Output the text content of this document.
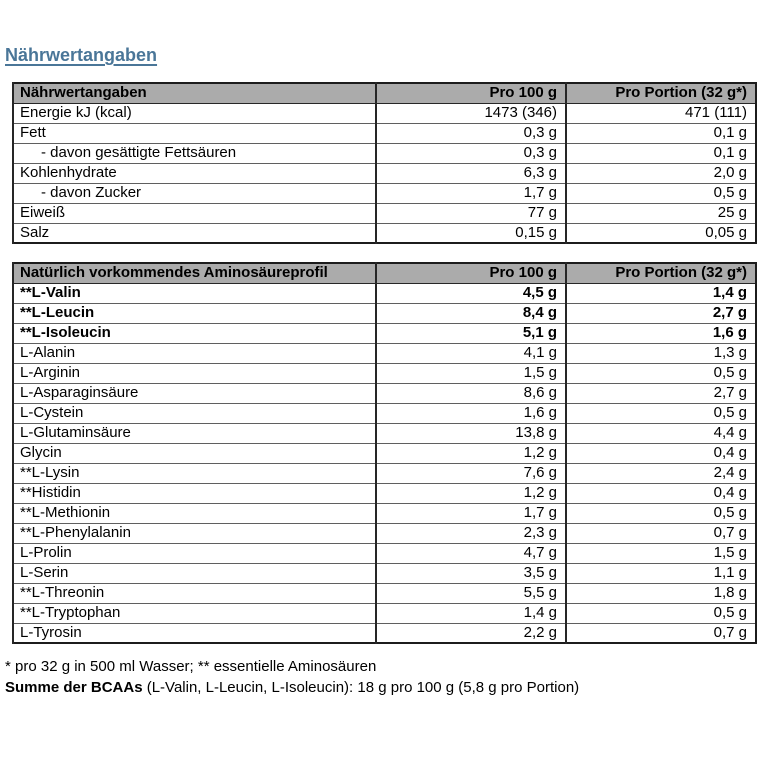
Nährwertangaben
Nährwertangaben	Pro 100 g	Pro Portion (32 g*)
Energie kJ (kcal)	1473 (346)	471 (111)
Fett	0,3 g	0,1 g
- davon gesättigte Fettsäuren	0,3 g	0,1 g
Kohlenhydrate	6,3 g	2,0 g
- davon Zucker	1,7 g	0,5 g
Eiweiß	77 g	25 g
Salz	0,15 g	0,05 g
Natürlich vorkommendes Aminosäureprofil	Pro 100 g	Pro Portion (32 g*)
**L-Valin	4,5 g	1,4 g
**L-Leucin	8,4 g	2,7 g
**L-Isoleucin	5,1 g	1,6 g
L-Alanin	4,1 g	1,3 g
L-Arginin	1,5 g	0,5 g
L-Asparaginsäure	8,6 g	2,7 g
L-Cystein	1,6 g	0,5 g
L-Glutaminsäure	13,8 g	4,4 g
Glycin	1,2 g	0,4 g
**L-Lysin	7,6 g	2,4 g
**Histidin	1,2 g	0,4 g
**L-Methionin	1,7 g	0,5 g
**L-Phenylalanin	2,3 g	0,7 g
L-Prolin	4,7 g	1,5 g
L-Serin	3,5 g	1,1 g
**L-Threonin	5,5 g	1,8 g
**L-Tryptophan	1,4 g	0,5 g
L-Tyrosin	2,2 g	0,7 g
* pro 32 g in 500 ml Wasser; ** essentielle Aminosäuren
Summe der BCAAs (L-Valin, L-Leucin, L-Isoleucin): 18 g pro 100 g (5,8 g pro Portion)
